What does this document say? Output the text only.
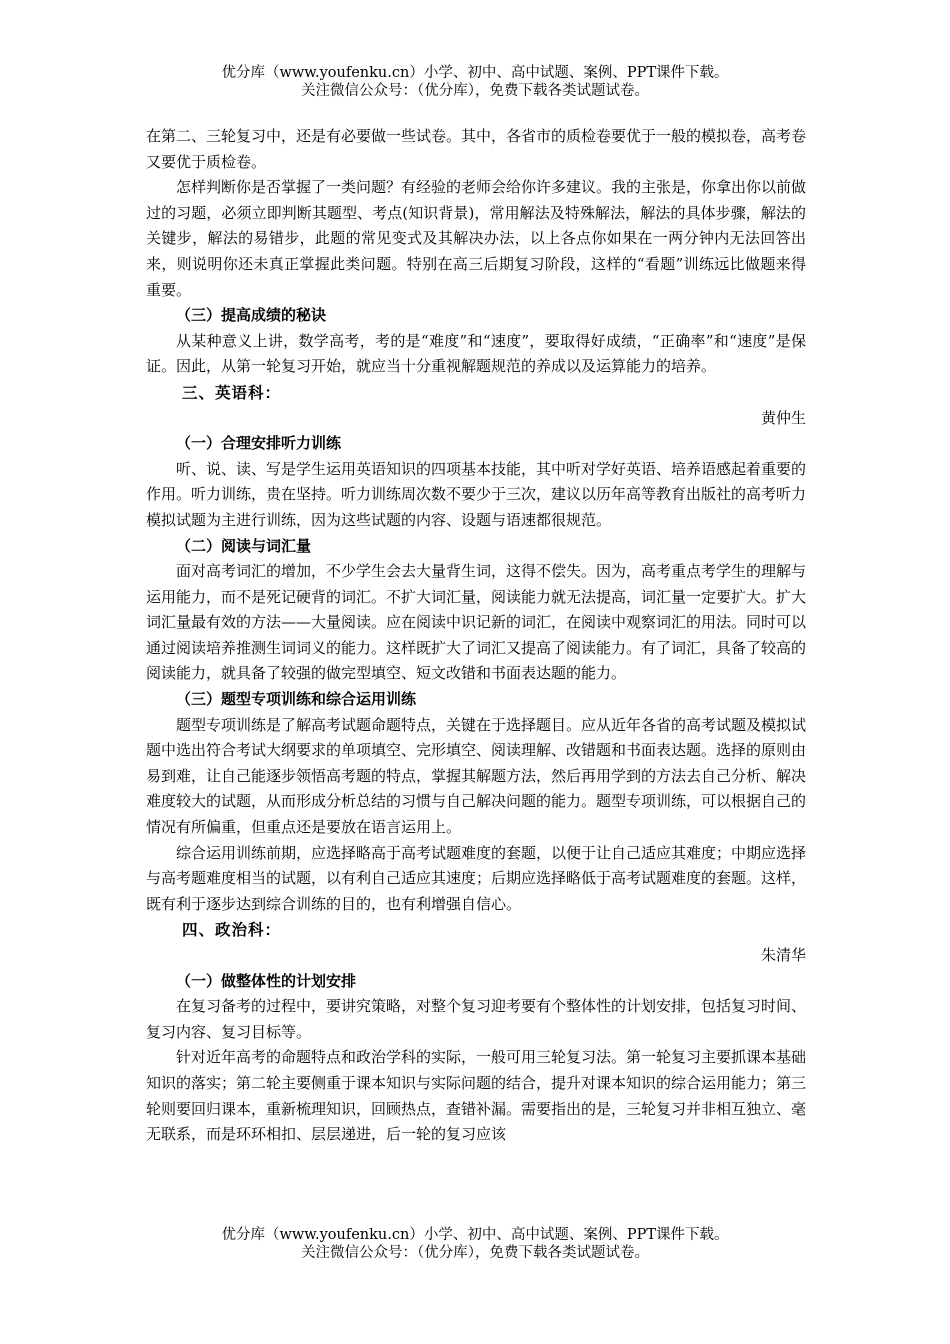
优分库（www.youfenku.cn）小学、初中、高中试题、案例、PPT课件下载。
关注微信公众号：（优分库），免费下载各类试题试卷。

在第二、三轮复习中，还是有必要做一些试卷。其中，各省市的质检卷要优于一般的模拟卷，高考卷又要优于质检卷。

怎样判断你是否掌握了一类问题？有经验的老师会给你许多建议。我的主张是，你拿出你以前做过的习题，必须立即判断其题型、考点(知识背景)，常用解法及特殊解法，解法的具体步骤，解法的关键步，解法的易错步，此题的常见变式及其解决办法，以上各点你如果在一两分钟内无法回答出来，则说明你还未真正掌握此类问题。特别在高三后期复习阶段，这样的“看题”训练远比做题来得重要。

（三）提高成绩的秘诀

从某种意义上讲，数学高考，考的是“难度”和“速度”，要取得好成绩，“正确率”和“速度”是保证。因此，从第一轮复习开始，就应当十分重视解题规范的养成以及运算能力的培养。

三、英语科：

黄仲生

（一）合理安排听力训练

听、说、读、写是学生运用英语知识的四项基本技能，其中听对学好英语、培养语感起着重要的作用。听力训练，贵在坚持。听力训练周次数不要少于三次，建议以历年高等教育出版社的高考听力模拟试题为主进行训练，因为这些试题的内容、设题与语速都很规范。

（二）阅读与词汇量

面对高考词汇的增加，不少学生会去大量背生词，这得不偿失。因为，高考重点考学生的理解与运用能力，而不是死记硬背的词汇。不扩大词汇量，阅读能力就无法提高，词汇量一定要扩大。扩大词汇量最有效的方法——大量阅读。应在阅读中识记新的词汇，在阅读中观察词汇的用法。同时可以通过阅读培养推测生词词义的能力。这样既扩大了词汇又提高了阅读能力。有了词汇，具备了较高的阅读能力，就具备了较强的做完型填空、短文改错和书面表达题的能力。

（三）题型专项训练和综合运用训练

题型专项训练是了解高考试题命题特点，关键在于选择题目。应从近年各省的高考试题及模拟试题中选出符合考试大纲要求的单项填空、完形填空、阅读理解、改错题和书面表达题。选择的原则由易到难，让自己能逐步领悟高考题的特点，掌握其解题方法，然后再用学到的方法去自己分析、解决难度较大的试题，从而形成分析总结的习惯与自己解决问题的能力。题型专项训练，可以根据自己的情况有所偏重，但重点还是要放在语言运用上。

综合运用训练前期，应选择略高于高考试题难度的套题，以便于让自己适应其难度；中期应选择与高考题难度相当的试题，以有利自己适应其速度；后期应选择略低于高考试题难度的套题。这样，既有利于逐步达到综合训练的目的，也有利增强自信心。

四、政治科：

朱清华

（一）做整体性的计划安排

在复习备考的过程中，要讲究策略，对整个复习迎考要有个整体性的计划安排，包括复习时间、复习内容、复习目标等。

针对近年高考的命题特点和政治学科的实际，一般可用三轮复习法。第一轮复习主要抓课本基础知识的落实；第二轮主要侧重于课本知识与实际问题的结合，提升对课本知识的综合运用能力；第三轮则要回归课本，重新梳理知识，回顾热点，查错补漏。需要指出的是，三轮复习并非相互独立、毫无联系，而是环环相扣、层层递进，后一轮的复习应该

优分库（www.youfenku.cn）小学、初中、高中试题、案例、PPT课件下载。
关注微信公众号：（优分库），免费下载各类试题试卷。
